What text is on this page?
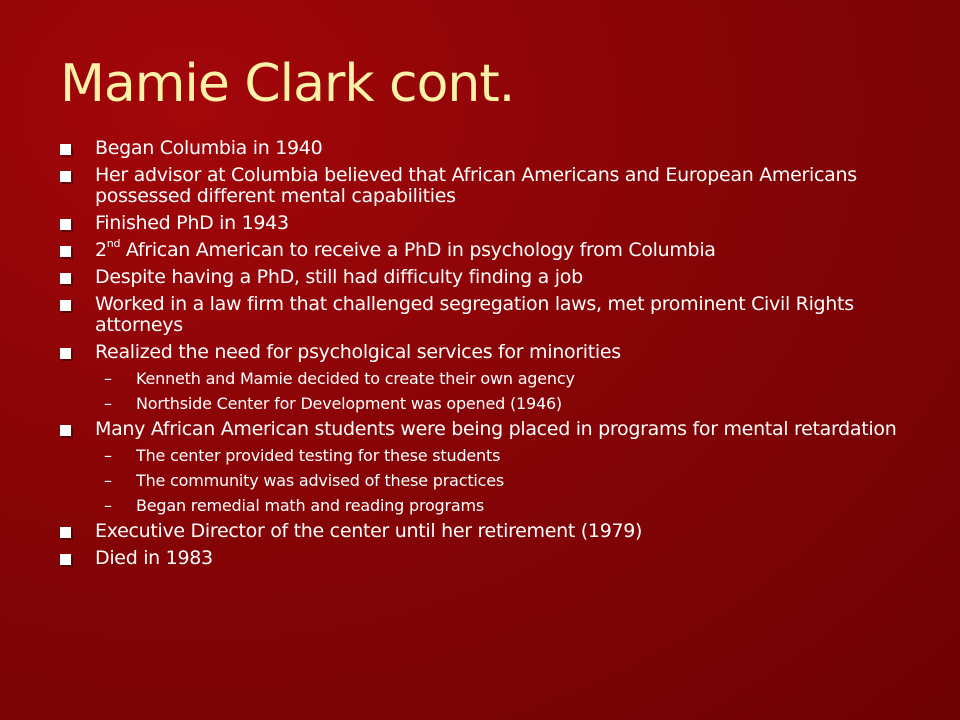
Mamie Clark cont.
Began Columbia in 1940
Her advisor at Columbia believed that African Americans and European Americans possessed different mental capabilities
Finished PhD in 1943
2nd African American to receive a PhD in psychology from Columbia
Despite having a PhD, still had difficulty finding a job
Worked in a law firm that challenged segregation laws, met prominent Civil Rights attorneys
Realized the need for psycholgical services for minorities
– Kenneth and Mamie decided to create their own agency
– Northside Center for Development was opened (1946)
Many African American students were being placed in programs for mental retardation
– The center provided testing for these students
– The community was advised of these practices
– Began remedial math and reading programs
Executive Director of the center until her retirement (1979)
Died in 1983
